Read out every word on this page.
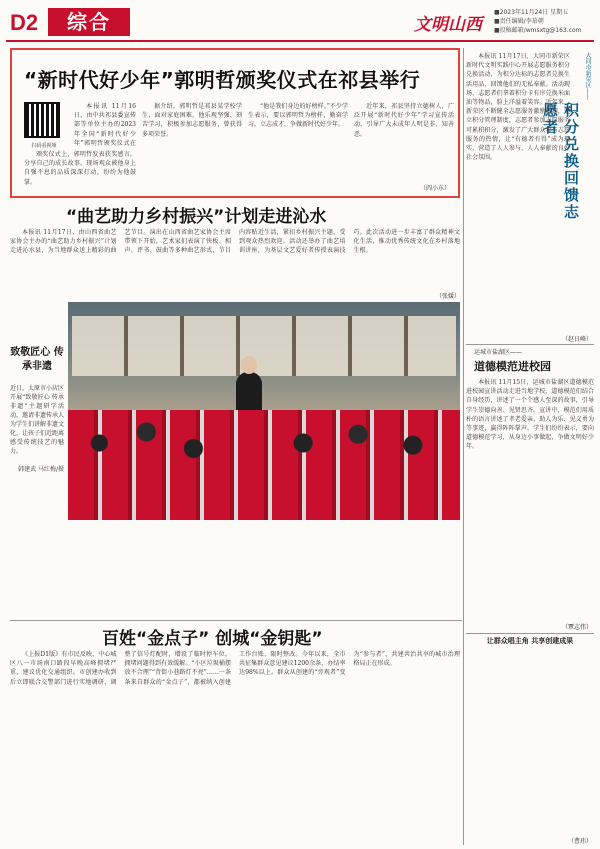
D2	综合	文明山西
■2023年11月24日 星期五
■责任编辑/李慕朝
■投稿邮箱/wmsxtg@163.com
“新时代好少年”郭明哲颁奖仪式在祁县举行
扫码看视频
本报讯 11月16日，由中共祁县委宣传部等单位主办的2023年全国“新时代好少年”郭明哲颁奖仪式在
颁奖仪式上，郭明哲发表获奖感言，分享自己的成长故事。现场观众被他身上自强不息的品质深深打动，纷纷为他鼓掌。
据介绍，郭明哲是祁县某学校学生，面对家庭困难，他乐观坚强、刻苦学习，积极参加志愿服务，曾获得多项荣誉。
“他是我们身边的好榜样。”不少学生表示，要以郭明哲为榜样，勤奋学习，立志成才，争做新时代好少年。
近年来，祁县坚持立德树人，广泛开展“新时代好少年”学习宣传活动，引导广大未成年人明是非、知善恶。
（阎小东）
大同市新荣区——
积分兑换回馈志愿者
本报讯 11月17日，大同市新荣区新时代文明实践中心开展志愿服务积分兑换活动，为积分达标的志愿者兑换生活用品，回馈他们的无私奉献。活动现场，志愿者们拿着积分卡有序兑换米面油等物品，脸上洋溢着笑容。近年来，新荣区不断健全志愿服务激励机制，建立积分管理制度，志愿者参加志愿服务可累积积分，激发了广大群众参与志愿服务的热情，让“有德者有得”成为现实，营造了人人参与、人人奉献的良好社会氛围。
（赵日峰）
“曲艺助力乡村振兴”计划走进沁水
本报讯 11月17日，由山西省曲艺家协会主办的“曲艺助力乡村振兴”计划走进沁水县，为当地群众送上精彩的曲艺节目。演出在山西省曲艺家协会主席带领下开始，艺术家们表演了快板、相声、评书、鼓曲等多种曲艺形式，节目内容贴近生活，紧扣乡村振兴主题，受到观众热烈欢迎。活动还举办了曲艺培训讲座，为基层文艺爱好者传授表演技巧。此次活动进一步丰富了群众精神文化生活，推动优秀传统文化在乡村落地生根。
（张媛）
致敬匠心 传承非遗
近日，太原市小店区开展“致敬匠心 传承非遗”主题研学活动，邀请非遗传承人为学生们讲解非遗文化，让孩子们近距离感受传统技艺的魅力。
韩建武 马红梅/摄
运城市盐湖区——
道德模范进校园
本报讯 11月15日，运城市盐湖区道德模范进校园宣讲活动走进当地学校，道德模范们结合自身经历，讲述了一个个感人至深的故事，引导学生崇德向善、见贤思齐。宣讲中，模范们用质朴的语言讲述了孝老爱亲、助人为乐、见义勇为等事迹，赢得阵阵掌声。学生们纷纷表示，要向道德模范学习，从身边小事做起，争做文明好少年。
（覃志伟）
百姓“金点子” 创城“金钥匙”
《上报D1版》有市民反映，中心城区八一市场南口路段早晚高峰拥堵严重，建议优化交通组织。市创建办收到后立即联合交警部门进行实地调研，调整了信号灯配时，增设了临时停车位，拥堵问题得到有效缓解。“小区垃圾桶摆放不合理”“背街小巷路灯不亮”……一条条来自群众的“金点子”，都被纳入创建工作台账，限时整改。今年以来，全市共征集群众意见建议1200余条，办结率达98%以上。群众从创建的“旁观者”变为“参与者”，共建共治共享的城市治理格局正在形成。
让群众唱主角 共享创建成果
（曹玮）
